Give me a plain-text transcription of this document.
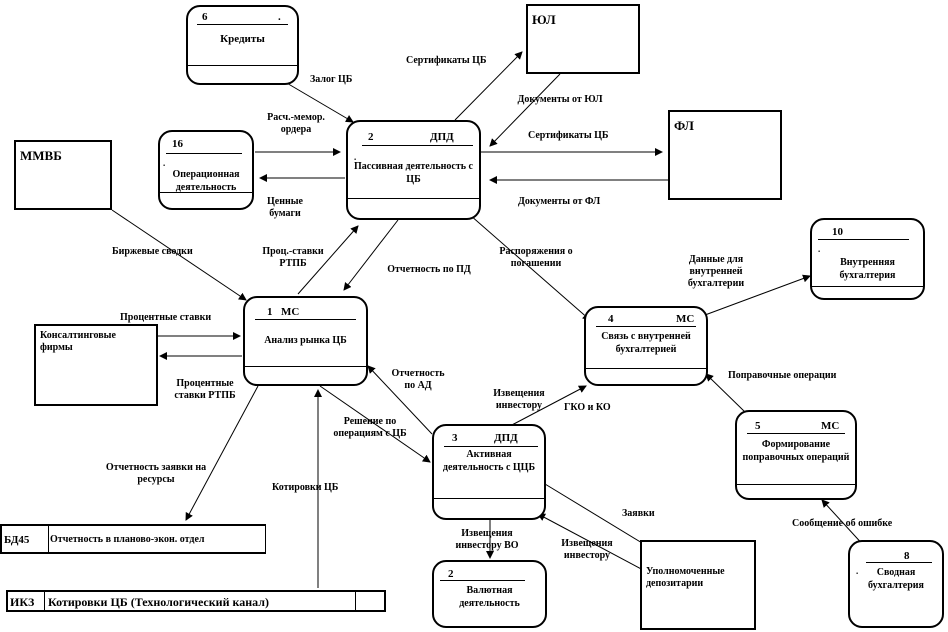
6	.
Кредиты
16
.
Операционная деятельность
2	ДПД
.
Пассивная деятельность с ЦБ
1 МС
Анализ рынка ЦБ
4	МС
Связь с внутренней бухгалтерией
10
.
Внутренняя бухгалтерия
5	МС
Формирование поправочных операций
3	ДПД
Активная деятельность с ЦЦБ
2
Валютная деятельность
8
.	Сводная бухгалтерия
ЮЛ
ФЛ
ММВБ
Консалтинговые фирмы
Уполномоченные депозитарии
БД45	Отчетность в планово-экон. отдел
ИКЗ	Котировки ЦБ (Технологический канал)
Залог ЦБ
Сертификаты ЦБ
Документы от ЮЛ
Расч.-мемор. ордера
Ценные бумаги
Сертификаты ЦБ
Документы от ФЛ
Биржевые сводки	Проц.-ставки РТПБ
Отчетность по ПД
Распоряжения о погашении	Данные для внутренней бухгалтерии
Процентные ставки
Процентные ставки РТПБ
Отчетность по АД
Извещения инвестору	ГКО и КО
Поправочные операции
Решение по операциям с ЦБ
Отчетность заявки на ресурсы
Котировки ЦБ
Заявки
Извещения инвестору ВО	Извещения инвестору
Сообщение об ошибке
